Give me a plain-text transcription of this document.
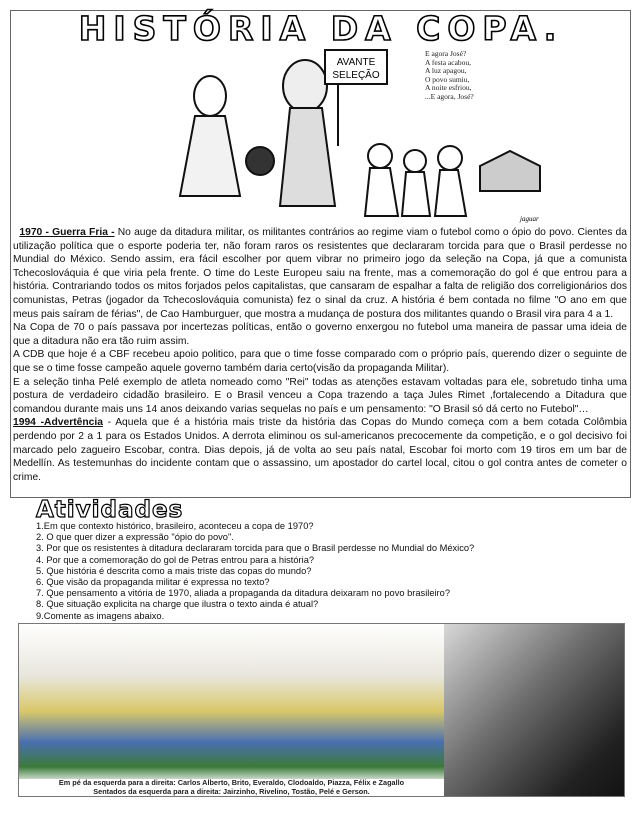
HISTÓRIA DA COPA.
AVANTE
SELEÇÃO
jaguar
E agora José?
A festa acabou,
A luz apagou,
O povo sumiu,
A noite esfriou,
...E agora, José?

1970 - Guerra Fria - No auge da ditadura militar, os militantes contrários ao regime viam o futebol como o ópio do povo. Cientes da utilização política que o esporte poderia ter, não foram raros os resistentes que declararam torcida para que o Brasil perdesse no Mundial do México. Sendo assim, era fácil escolher por quem vibrar no primeiro jogo da seleção na Copa, já que a comunista Tchecoslováquia é que viria pela frente. O time do Leste Europeu saiu na frente, mas a comemoração do gol é que entrou para a história. Contrariando todos os mitos forjados pelos capitalistas, que cansaram de espalhar a falta de religião dos correligionários dos comunistas, Petras (jogador da Tchecoslováquia comunista) fez o sinal da cruz. A história é bem contada no filme "O ano em que meus pais saíram de férias", de Cao Hamburguer, que mostra a mudança de postura dos militantes quando o Brasil vira para 4 a 1.

Na Copa de 70 o país passava por incertezas políticas, então o governo enxergou no futebol uma maneira de passar uma ideia de que a ditadura não era tão ruim assim.

A CDB que hoje é a CBF recebeu apoio politico, para que o time fosse comparado com o próprio país, querendo dizer o seguinte de que se o time fosse campeão aquele governo também daria certo(visão da propaganda Militar).

E a seleção tinha Pelé exemplo de atleta nomeado como "Rei" todas as atenções estavam voltadas para ele, sobretudo tinha uma postura de verdadeiro cidadão brasileiro. E o Brasil venceu a Copa trazendo a taça Jules Rimet ,fortalecendo a Ditadura que comandou durante mais uns 14 anos deixando varias sequelas no país e um pensamento: "O Brasil só dá certo no Futebol"…

1994 -Advertência - Aquela que é a história mais triste da história das Copas do Mundo começa com a bem cotada Colômbia perdendo por 2 a 1 para os Estados Unidos. A derrota eliminou os sul-americanos precocemente da competição, e o gol decisivo foi marcado pelo zagueiro Escobar, contra. Dias depois, já de volta ao seu país natal, Escobar foi morto com 19 tiros em um bar de Medellín. As testemunhas do incidente contam que o assassino, um apostador do cartel local, citou o gol contra antes de cometer o crime.

Atividades
1.Em que contexto histórico, brasileiro, aconteceu a copa de 1970?
2. O que quer dizer a expressão "ópio do povo".
3. Por que os resistentes à ditadura declararam torcida para que o Brasil perdesse no Mundial do México?
4. Por que a comemoração do gol de Petras entrou para a história?
5. Que história é descrita como a mais triste das copas do mundo?
6. Que visão da propaganda militar é expressa no texto?
7. Que pensamento a vitória de 1970, aliada a propaganda da ditadura deixaram no povo brasileiro?
8. Que situação explicita na charge que ilustra o texto ainda é atual?
9.Comente as imagens abaixo.
Em pé da esquerda para a direita: Carlos Alberto, Brito, Everaldo, Clodoaldo, Piazza, Félix e Zagallo
Sentados da esquerda para a direita: Jairzinho, Rivelino, Tostão, Pelé e Gerson.
